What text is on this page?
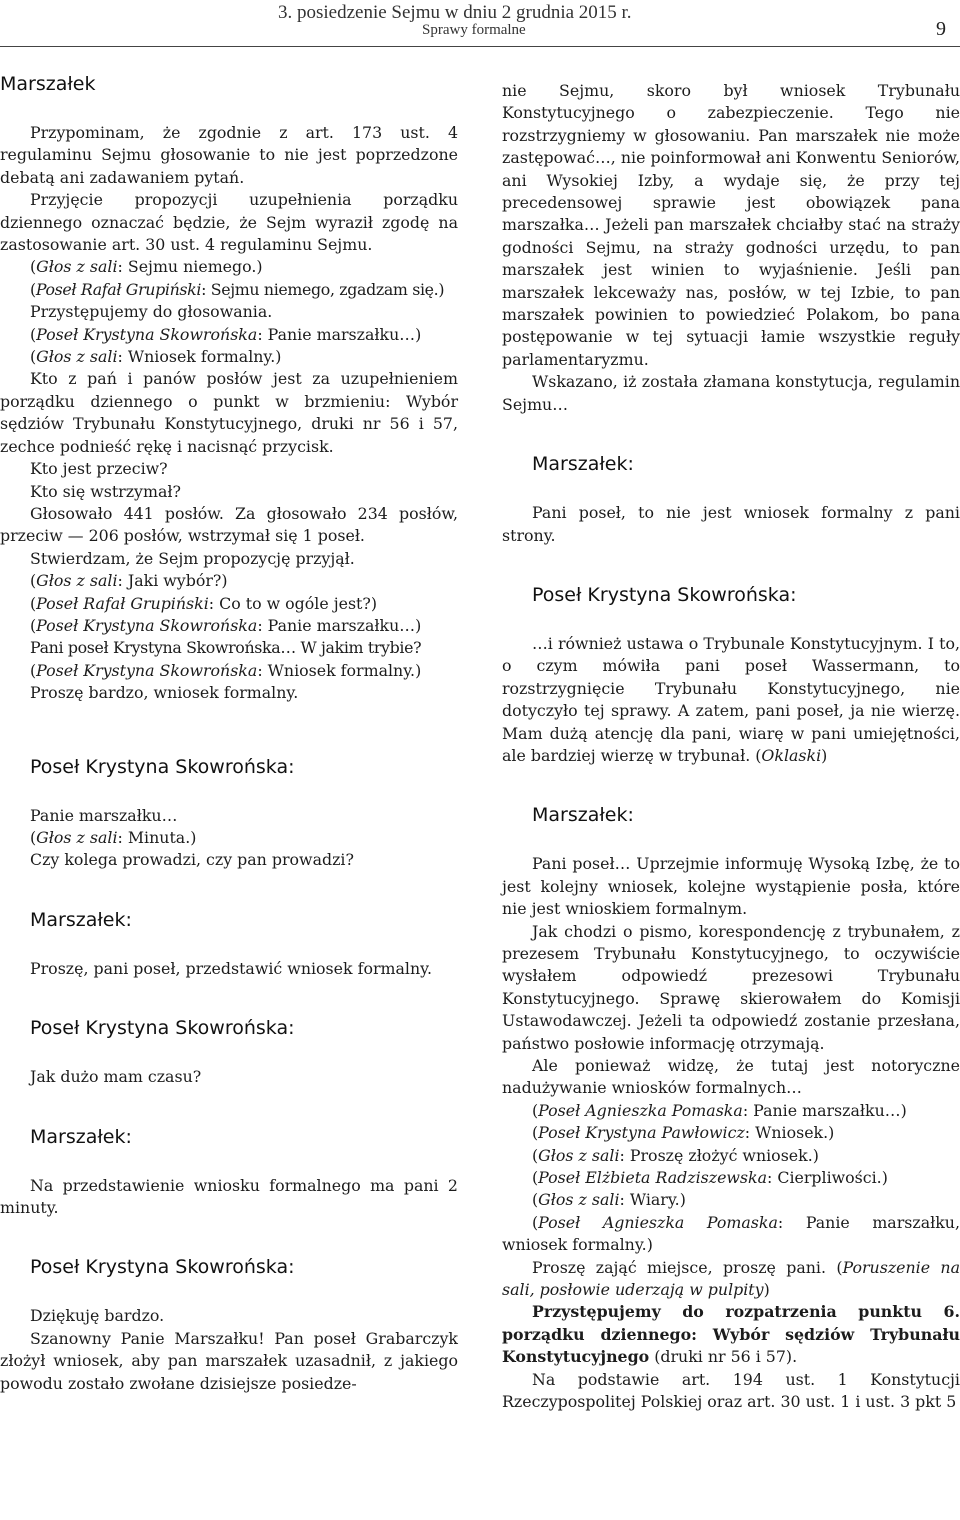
3. posiedzenie Sejmu w dniu 2 grudnia 2015 r.
Sprawy formalne	9
Marszałek

Przypominam, że zgodnie z art. 173 ust. 4 regulaminu Sejmu głosowanie to nie jest poprzedzone debatą ani zadawaniem pytań.

Przyjęcie propozycji uzupełnienia porządku dziennego oznaczać będzie, że Sejm wyraził zgodę na zastosowanie art. 30 ust. 4 regulaminu Sejmu.

(Głos z sali: Sejmu niemego.)

(Poseł Rafał Grupiński: Sejmu niemego, zgadzam się.)

Przystępujemy do głosowania.

(Poseł Krystyna Skowrońska: Panie marszałku…)

(Głos z sali: Wniosek formalny.)

Kto z pań i panów posłów jest za uzupełnieniem porządku dziennego o punkt w brzmieniu: Wybór sędziów Trybunału Konstytucyjnego, druki nr 56 i 57, zechce podnieść rękę i nacisnąć przycisk.

Kto jest przeciw?

Kto się wstrzymał?

Głosowało 441 posłów. Za głosowało 234 posłów, przeciw — 206 posłów, wstrzymał się 1 poseł.

Stwierdzam, że Sejm propozycję przyjął.

(Głos z sali: Jaki wybór?)

(Poseł Rafał Grupiński: Co to w ogóle jest?)

(Poseł Krystyna Skowrońska: Panie marszałku…)

Pani poseł Krystyna Skowrońska… W jakim trybie?

(Poseł Krystyna Skowrońska: Wniosek formalny.)

Proszę bardzo, wniosek formalny.

Poseł Krystyna Skowrońska:

Panie marszałku…

(Głos z sali: Minuta.)

Czy kolega prowadzi, czy pan prowadzi?

Marszałek:

Proszę, pani poseł, przedstawić wniosek formalny.

Poseł Krystyna Skowrońska:

Jak dużo mam czasu?

Marszałek:

Na przedstawienie wniosku formalnego ma pani 2 minuty.

Poseł Krystyna Skowrońska:

Dziękuję bardzo.

Szanowny Panie Marszałku! Pan poseł Grabarczyk złożył wniosek, aby pan marszałek uzasadnił, z jakiego powodu zostało zwołane dzisiejsze posiedze-

nie Sejmu, skoro był wniosek Trybunału Konstytucyjnego o zabezpieczenie. Tego nie rozstrzygniemy w głosowaniu. Pan marszałek nie może zastępować…, nie poinformował ani Konwentu Seniorów, ani Wysokiej Izby, a wydaje się, że przy tej precedensowej sprawie jest obowiązek pana marszałka… Jeżeli pan marszałek chciałby stać na straży godności Sejmu, na straży godności urzędu, to pan marszałek jest winien to wyjaśnienie. Jeśli pan marszałek lekceważy nas, posłów, w tej Izbie, to pan marszałek powinien to powiedzieć Polakom, bo pana postępowanie w tej sytuacji łamie wszystkie reguły parlamentaryzmu.

Wskazano, iż została złamana konstytucja, regulamin Sejmu…

Marszałek:

Pani poseł, to nie jest wniosek formalny z pani strony.

Poseł Krystyna Skowrońska:

…i również ustawa o Trybunale Konstytucyjnym. I to, o czym mówiła pani poseł Wassermann, to rozstrzygnięcie Trybunału Konstytucyjnego, nie dotyczyło tej sprawy. A zatem, pani poseł, ja nie wierzę. Mam dużą atencję dla pani, wiarę w pani umiejętności, ale bardziej wierzę w trybunał. (Oklaski)

Marszałek:

Pani poseł… Uprzejmie informuję Wysoką Izbę, że to jest kolejny wniosek, kolejne wystąpienie posła, które nie jest wnioskiem formalnym.

Jak chodzi o pismo, korespondencję z trybunałem, z prezesem Trybunału Konstytucyjnego, to oczywiście wysłałem odpowiedź prezesowi Trybunału Konstytucyjnego. Sprawę skierowałem do Komisji Ustawodawczej. Jeżeli ta odpowiedź zostanie przesłana, państwo posłowie informację otrzymają.

Ale ponieważ widzę, że tutaj jest notoryczne nadużywanie wniosków formalnych…

(Poseł Agnieszka Pomaska: Panie marszałku…)

(Poseł Krystyna Pawłowicz: Wniosek.)

(Głos z sali: Proszę złożyć wniosek.)

(Poseł Elżbieta Radziszewska: Cierpliwości.)

(Głos z sali: Wiary.)

(Poseł Agnieszka Pomaska: Panie marszałku, wniosek formalny.)

Proszę zająć miejsce, proszę pani. (Poruszenie na sali, posłowie uderzają w pulpity)

Przystępujemy do rozpatrzenia punktu 6. porządku dziennego: Wybór sędziów Trybunału Konstytucyjnego (druki nr 56 i 57).

Na podstawie art. 194 ust. 1 Konstytucji Rzeczypospolitej Polskiej oraz art. 30 ust. 1 i ust. 3 pkt 5
